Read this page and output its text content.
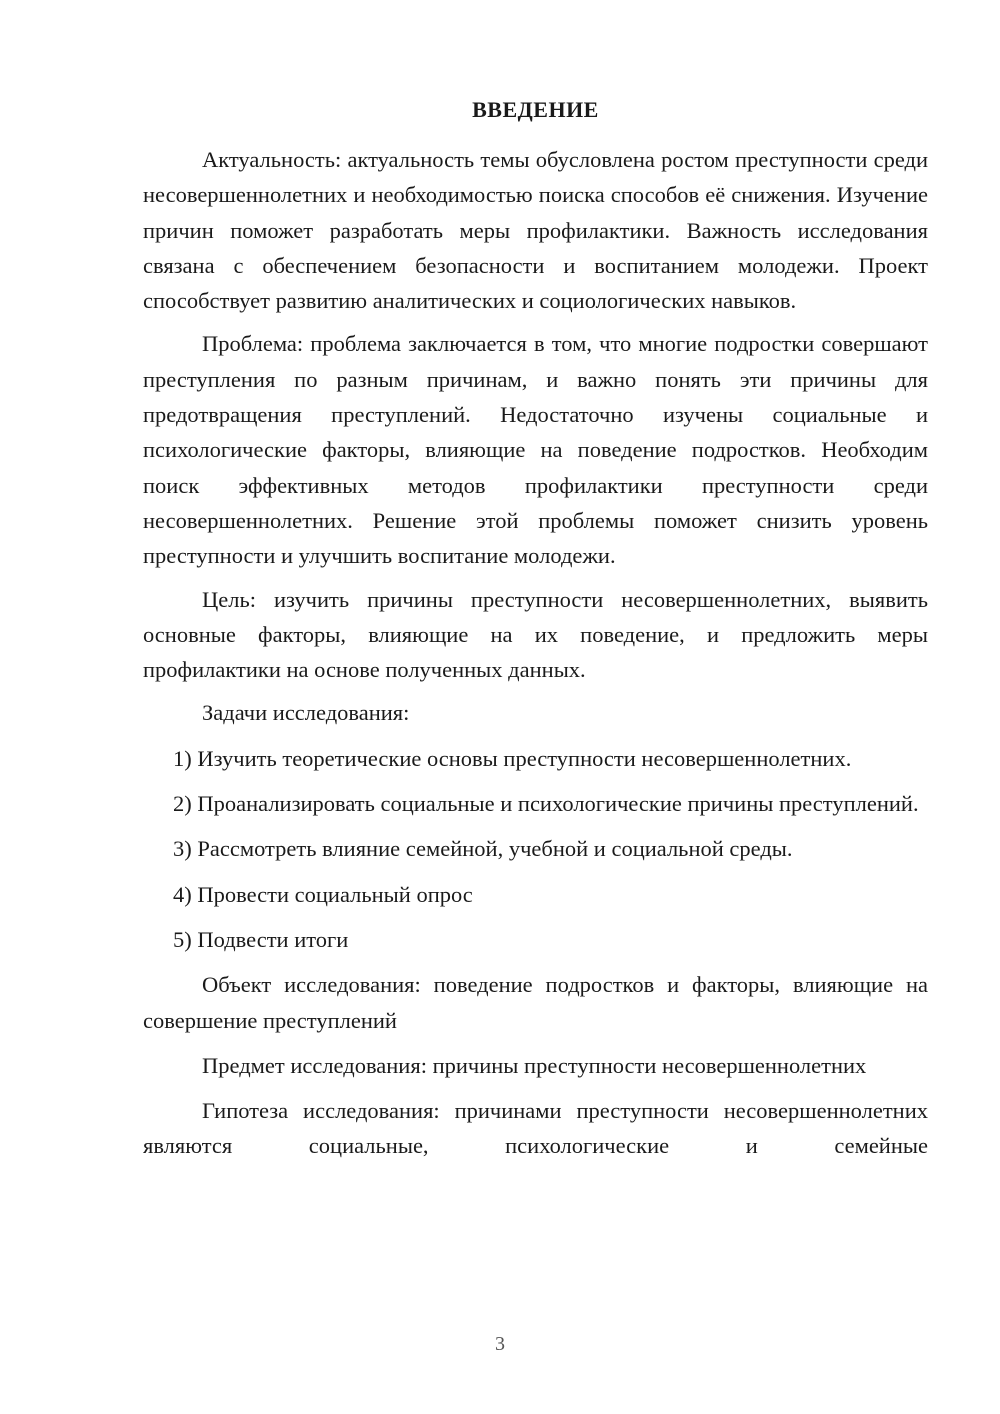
ВВЕДЕНИЕ

Актуальность: актуальность темы обусловлена ростом преступности среди несовершеннолетних и необходимостью поиска способов её снижения. Изучение причин поможет разработать меры профилактики. Важность исследования связана с обеспечением безопасности и воспитанием молодежи. Проект способствует развитию аналитических и социологических навыков.

Проблема: проблема заключается в том, что многие подростки совершают преступления по разным причинам, и важно понять эти причины для предотвращения преступлений. Недостаточно изучены социальные и психологические факторы, влияющие на поведение подростков. Необходим поиск эффективных методов профилактики преступности среди несовершеннолетних. Решение этой проблемы поможет снизить уровень преступности и улучшить воспитание молодежи.

Цель: изучить причины преступности несовершеннолетних, выявить основные факторы, влияющие на их поведение, и предложить меры профилактики на основе полученных данных.

Задачи исследования:

1) Изучить теоретические основы преступности несовершеннолетних.

2) Проанализировать социальные и психологические причины преступлений.

3) Рассмотреть влияние семейной, учебной и социальной среды.

4) Провести социальный опрос

5) Подвести итоги

Объект исследования: поведение подростков и факторы, влияющие на совершение преступлений

Предмет исследования: причины преступности несовершеннолетних

Гипотеза исследования: причинами преступности несовершеннолетних являются социальные, психологические и семейные

3
